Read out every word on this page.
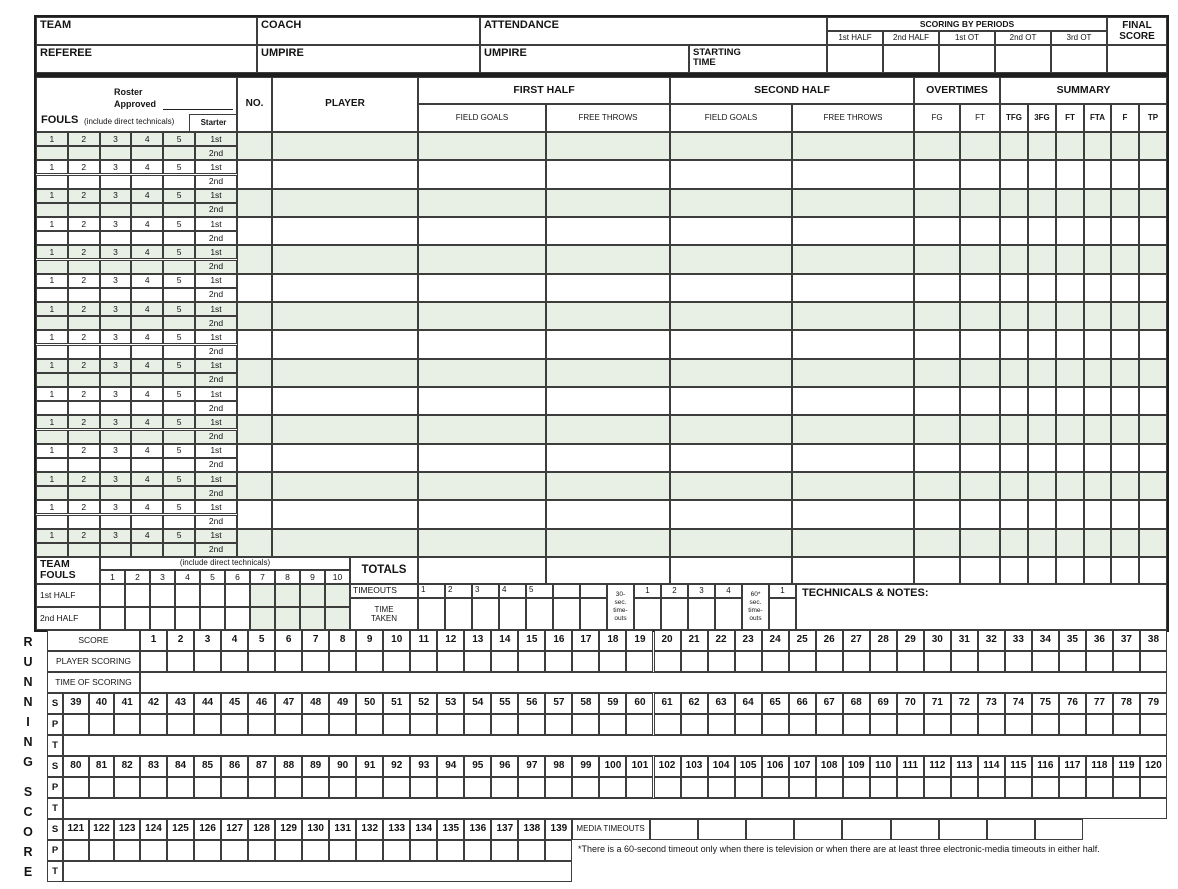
TEAM	COACH	ATTENDANCE	SCORING BY PERIODS
1st HALF	2nd HALF	1st OT	2nd OT	3rd OT
FINAL SCORE
REFEREE	UMPIRE	UMPIRE	STARTING TIME
Roster
Approved
FOULS (include direct technicals)	Starter
NO.	PLAYER
FIRST HALF
FIELD GOALS	FREE THROWS
SECOND HALF
FIELD GOALS	FREE THROWS
OVERTIMES
FG	FT
SUMMARY
TFG	3FG	FT	FTA	F	TP
1	2	3	4	5	1st
2nd
1	2	3	4	5	1st
2nd
1	2	3	4	5	1st
2nd
1	2	3	4	5	1st
2nd
1	2	3	4	5	1st
2nd
1	2	3	4	5	1st
2nd
1	2	3	4	5	1st
2nd
1	2	3	4	5	1st
2nd
1	2	3	4	5	1st
2nd
1	2	3	4	5	1st
2nd
1	2	3	4	5	1st
2nd
1	2	3	4	5	1st
2nd
1	2	3	4	5	1st
2nd
1	2	3	4	5	1st
2nd
1	2	3	4	5	1st
2nd
TEAM FOULS
(include direct technicals)
TOTALS
1	2	3	4	5	6	7	8	9	10
TIMEOUTS
TIME TAKEN
TECHNICALS & NOTES:
1st HALF
2nd HALF
1	2	3	4	5
30- sec. time- outs
1	2	3	4	60* sec. time- outs
1
R
U
N
N
I
N
G
S
C
O
R
E
SCORE	1	2	3	4	5	6	7	8	9	10	11	12	13	14	15	16	17	18	19	20	21	22	23	24	25	26	27	28	29	30	31	32	33	34	35	36	37	38
PLAYER SCORING
TIME OF SCORING
S	39	40	41	42	43	44	45	46	47	48	49	50	51	52	53	54	55	56	57	58	59	60	61	62	63	64	65	66	67	68	69	70	71	72	73	74	75	76	77	78	79
P
T
S	80	81	82	83	84	85	86	87	88	89	90	91	92	93	94	95	96	97	98	99	100	101	102	103	104	105	106	107	108	109	110	111	112	113	114	115	116	117	118	119	120
P
T
S 121 122 123 124	125	126	127	128	129	130	131	132	133	134	135	136	137	138	139
P
T
MEDIA TIMEOUTS
*There is a 60-second timeout only when there is television or when there are at least three electronic-media timeouts in either half.
